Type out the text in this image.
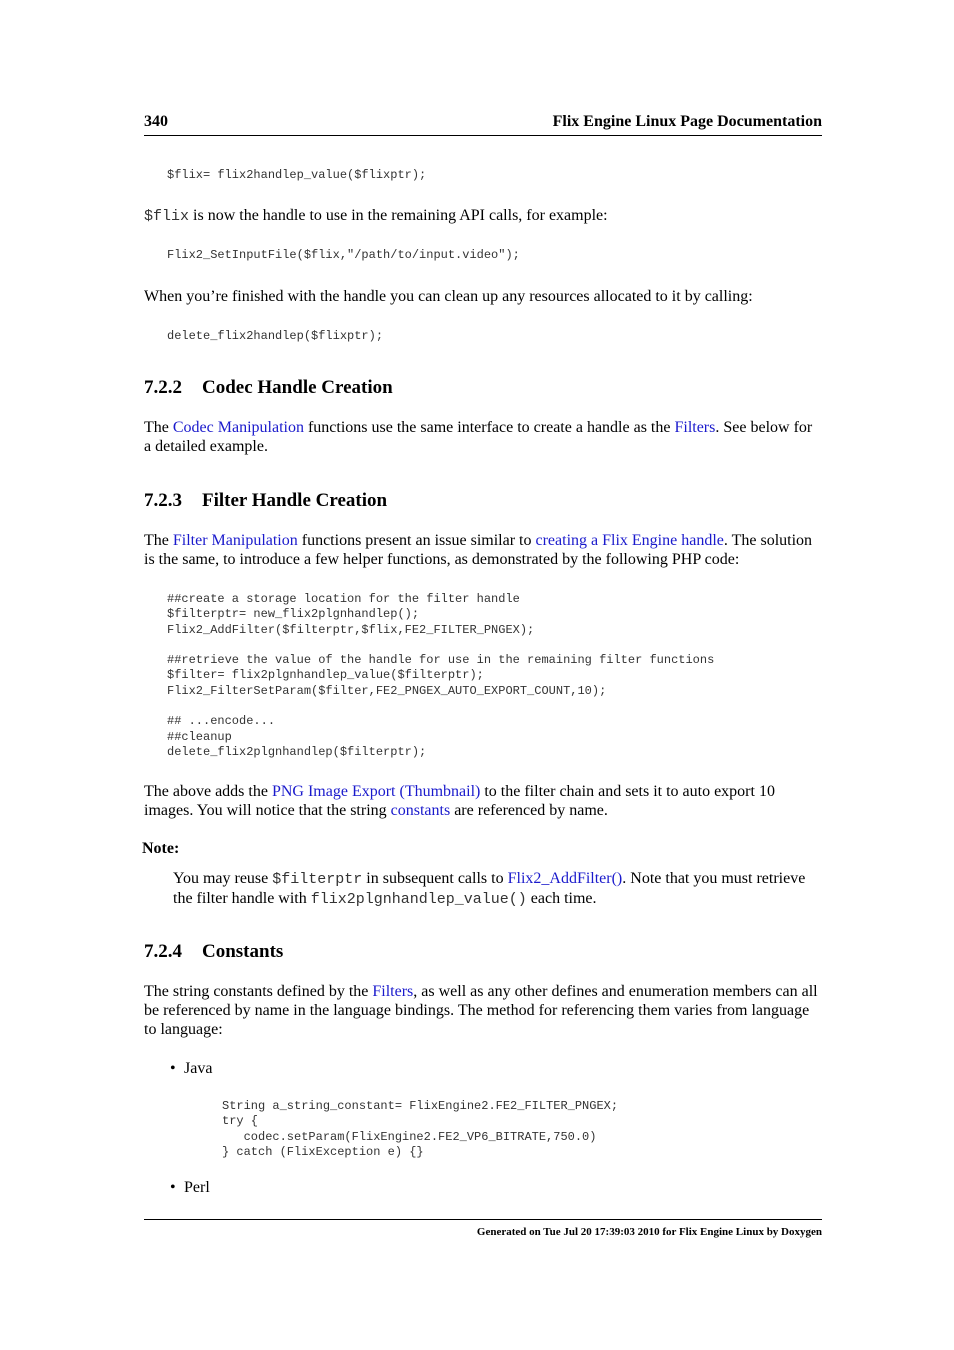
340	Flix Engine Linux Page Documentation
$flix= flix2handlep_value($flixptr);

$flix is now the handle to use in the remaining API calls, for example:

Flix2_SetInputFile($flix,"/path/to/input.video");

When you’re finished with the handle you can clean up any resources allocated to it by calling:

delete_flix2handlep($flixptr);
7.2.2 Codec Handle Creation

The Codec Manipulation functions use the same interface to create a handle as the Filters. See below for a detailed example.

7.2.3 Filter Handle Creation

The Filter Manipulation functions present an issue similar to creating a Flix Engine handle. The solution is the same, to introduce a few helper functions, as demonstrated by the following PHP code:

##create a storage location for the filter handle
$filterptr= new_flix2plgnhandlep();
Flix2_AddFilter($filterptr,$flix,FE2_FILTER_PNGEX);

##retrieve the value of the handle for use in the remaining filter functions
$filter= flix2plgnhandlep_value($filterptr);
Flix2_FilterSetParam($filter,FE2_PNGEX_AUTO_EXPORT_COUNT,10);

## ...encode...
##cleanup
delete_flix2plgnhandlep($filterptr);

The above adds the PNG Image Export (Thumbnail) to the filter chain and sets it to auto export 10 images. You will notice that the string constants are referenced by name.

Note:

You may reuse $filterptr in subsequent calls to Flix2_AddFilter(). Note that you must retrieve the filter handle with flix2plgnhandlep_value() each time.

7.2.4 Constants

The string constants defined by the Filters, as well as any other defines and enumeration members can all be referenced by name in the language bindings. The method for referencing them varies from language to language:

• Java
String a_string_constant= FlixEngine2.FE2_FILTER_PNGEX;
try {
codec.setParam(FlixEngine2.FE2_VP6_BITRATE,750.0)
} catch (FlixException e) {}
• Perl
Generated on Tue Jul 20 17:39:03 2010 for Flix Engine Linux by Doxygen
